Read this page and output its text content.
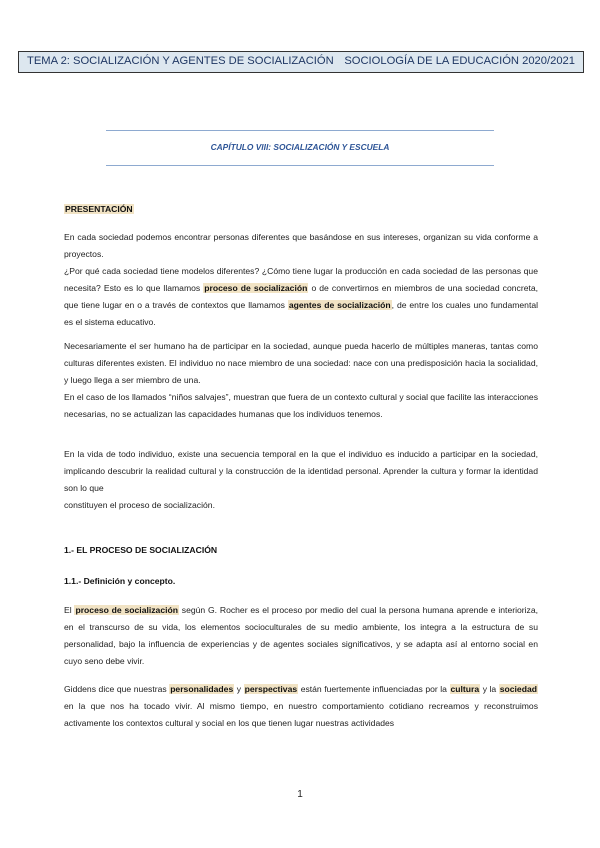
TEMA 2: SOCIALIZACIÓN Y AGENTES DE SOCIALIZACIÓN SOCIOLOGÍA DE LA EDUCACIÓN 2020/2021
CAPÍTULO VIII: SOCIALIZACIÓN Y ESCUELA
PRESENTACIÓN

En cada sociedad podemos encontrar personas diferentes que basándose en sus intereses, organizan su vida conforme a proyectos.
¿Por qué cada sociedad tiene modelos diferentes? ¿Cómo tiene lugar la producción en cada sociedad de las personas que necesita? Esto es lo que llamamos proceso de socialización o de convertirnos en miembros de una sociedad concreta, que tiene lugar en o a través de contextos que llamamos agentes de socialización, de entre los cuales uno fundamental es el sistema educativo.

Necesariamente el ser humano ha de participar en la sociedad, aunque pueda hacerlo de múltiples maneras, tantas como culturas diferentes existen. El individuo no nace miembro de una sociedad: nace con una predisposición hacia la socialidad, y luego llega a ser miembro de una.
En el caso de los llamados “niños salvajes”, muestran que fuera de un contexto cultural y social que facilite las interacciones necesarias, no se actualizan las capacidades humanas que los individuos tenemos.

En la vida de todo individuo, existe una secuencia temporal en la que el individuo es inducido a participar en la sociedad, implicando descubrir la realidad cultural y la construcción de la identidad personal. Aprender la cultura y formar la identidad son lo que
constituyen el proceso de socialización.

1.- EL PROCESO DE SOCIALIZACIÓN
1.1.- Definición y concepto.

El proceso de socialización según G. Rocher es el proceso por medio del cual la persona humana aprende e interioriza, en el transcurso de su vida, los elementos socioculturales de su medio ambiente, los integra a la estructura de su personalidad, bajo la influencia de experiencias y de agentes sociales significativos, y se adapta así al entorno social en cuyo seno debe vivir.

Giddens dice que nuestras personalidades y perspectivas están fuertemente influenciadas por la cultura y la sociedad en la que nos ha tocado vivir. Al mismo tiempo, en nuestro comportamiento cotidiano recreamos y reconstruimos activamente los contextos cultural y social en los que tienen lugar nuestras actividades

1
